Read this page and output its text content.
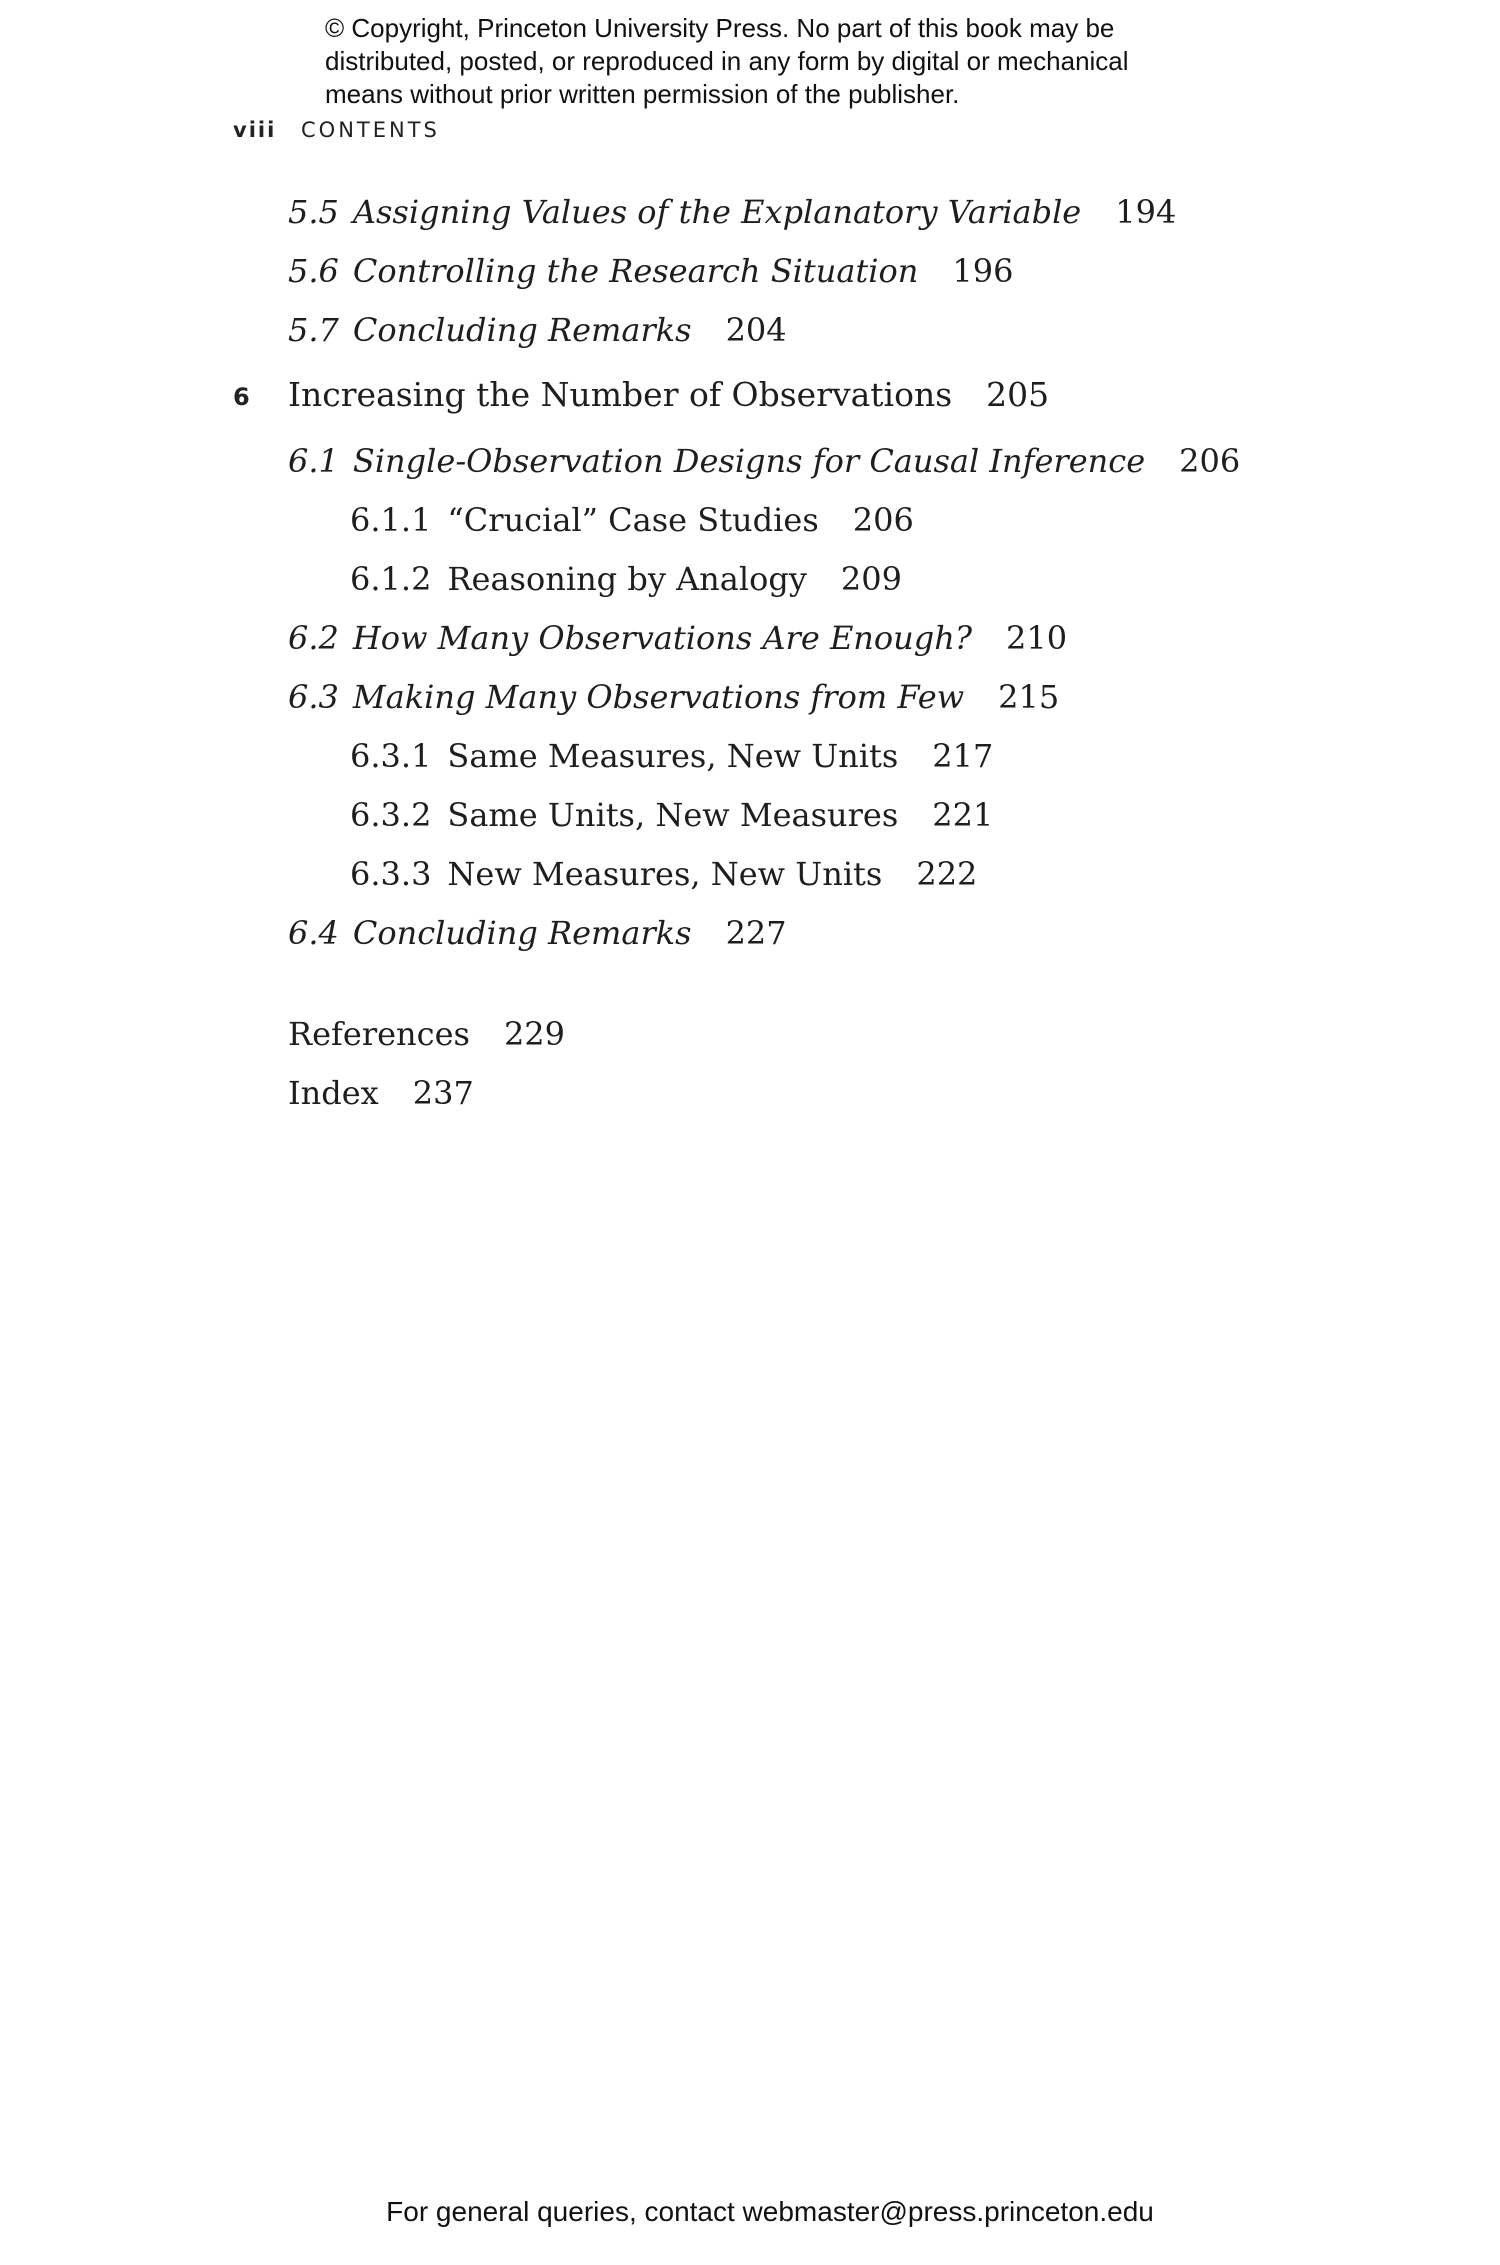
© Copyright, Princeton University Press. No part of this book may be
distributed, posted, or reproduced in any form by digital or mechanical
means without prior written permission of the publisher.
viii CONTENTS
5.5 Assigning Values of the Explanatory Variable 194
5.6 Controlling the Research Situation 196
5.7 Concluding Remarks 204
6 Increasing the Number of Observations 205
6.1 Single-Observation Designs for Causal Inference 206
6.1.1 “Crucial” Case Studies 206
6.1.2 Reasoning by Analogy 209
6.2 How Many Observations Are Enough? 210
6.3 Making Many Observations from Few 215
6.3.1 Same Measures, New Units 217
6.3.2 Same Units, New Measures 221
6.3.3 New Measures, New Units 222
6.4 Concluding Remarks 227
References 229
Index 237
For general queries, contact webmaster@press.princeton.edu
